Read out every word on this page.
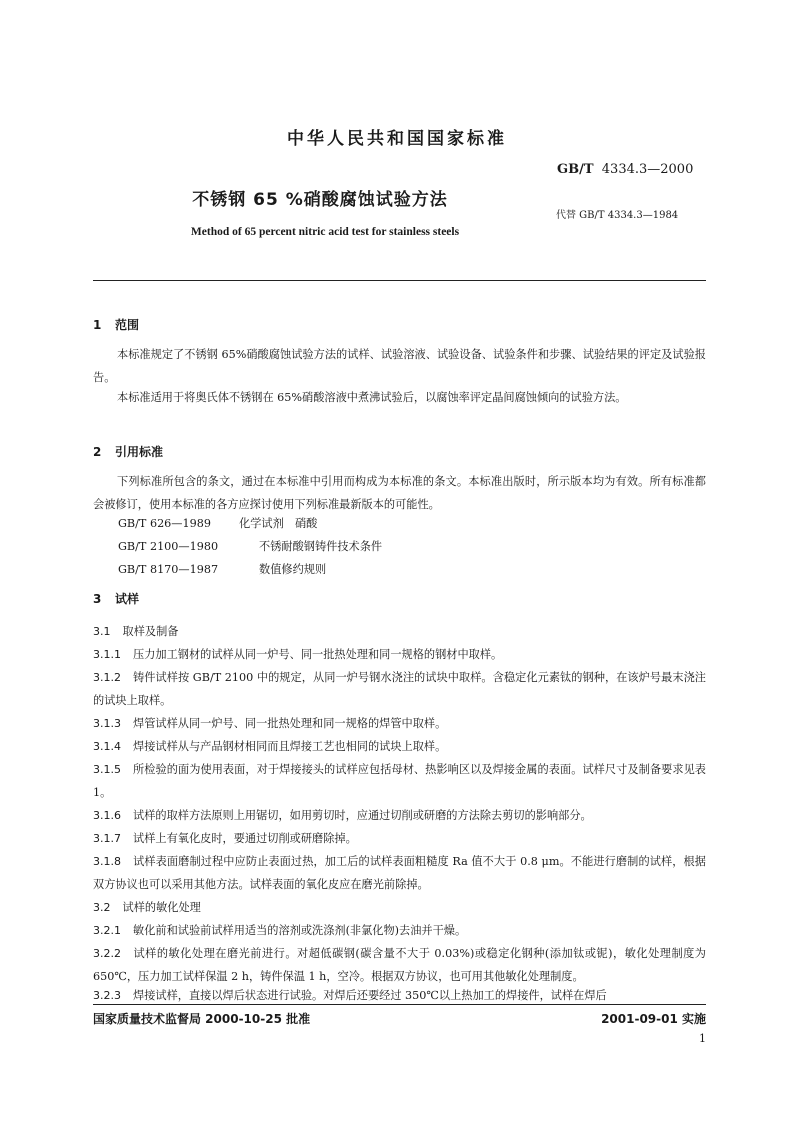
中华人民共和国国家标准
GB/T 4334.3—2000
不锈钢 65 %硝酸腐蚀试验方法
代替 GB/T 4334.3—1984
Method of 65 percent nitric acid test for stainless steels
1 范围
本标准规定了不锈钢 65%硝酸腐蚀试验方法的试样、试验溶液、试验设备、试验条件和步骤、试验结果的评定及试验报告。
本标准适用于将奥氏体不锈钢在 65%硝酸溶液中煮沸试验后，以腐蚀率评定晶间腐蚀倾向的试验方法。
2 引用标准
下列标准所包含的条文，通过在本标准中引用而构成为本标准的条文。本标准出版时，所示版本均为有效。所有标准都会被修订，使用本标准的各方应探讨使用下列标准最新版本的可能性。
GB/T 626—1989	化学试剂　硝酸
GB/T 2100—1980	不锈耐酸钢铸件技术条件
GB/T 8170—1987	数值修约规则
3 试样
3.1 取样及制备
3.1.1 压力加工钢材的试样从同一炉号、同一批热处理和同一规格的钢材中取样。
3.1.2 铸件试样按 GB/T 2100 中的规定，从同一炉号钢水浇注的试块中取样。含稳定化元素钛的钢种，在该炉号最末浇注的试块上取样。
3.1.3 焊管试样从同一炉号、同一批热处理和同一规格的焊管中取样。
3.1.4 焊接试样从与产品钢材相同而且焊接工艺也相同的试块上取样。
3.1.5 所检验的面为使用表面，对于焊接接头的试样应包括母材、热影响区以及焊接金属的表面。试样尺寸及制备要求见表 1。
3.1.6 试样的取样方法原则上用锯切，如用剪切时，应通过切削或研磨的方法除去剪切的影响部分。
3.1.7 试样上有氧化皮时，要通过切削或研磨除掉。
3.1.8 试样表面磨制过程中应防止表面过热，加工后的试样表面粗糙度 Ra 值不大于 0.8 μm。不能进行磨制的试样，根据双方协议也可以采用其他方法。试样表面的氧化皮应在磨光前除掉。
3.2 试样的敏化处理
3.2.1 敏化前和试验前试样用适当的溶剂或洗涤剂(非氯化物)去油并干燥。
3.2.2 试样的敏化处理在磨光前进行。对超低碳钢(碳含量不大于 0.03%)或稳定化钢种(添加钛或铌)，敏化处理制度为 650℃，压力加工试样保温 2 h，铸件保温 1 h，空冷。根据双方协议，也可用其他敏化处理制度。
3.2.3 焊接试样，直接以焊后状态进行试验。对焊后还要经过 350℃以上热加工的焊接件，试样在焊后
国家质量技术监督局 2000-10-25 批准	2001-09-01 实施
1
